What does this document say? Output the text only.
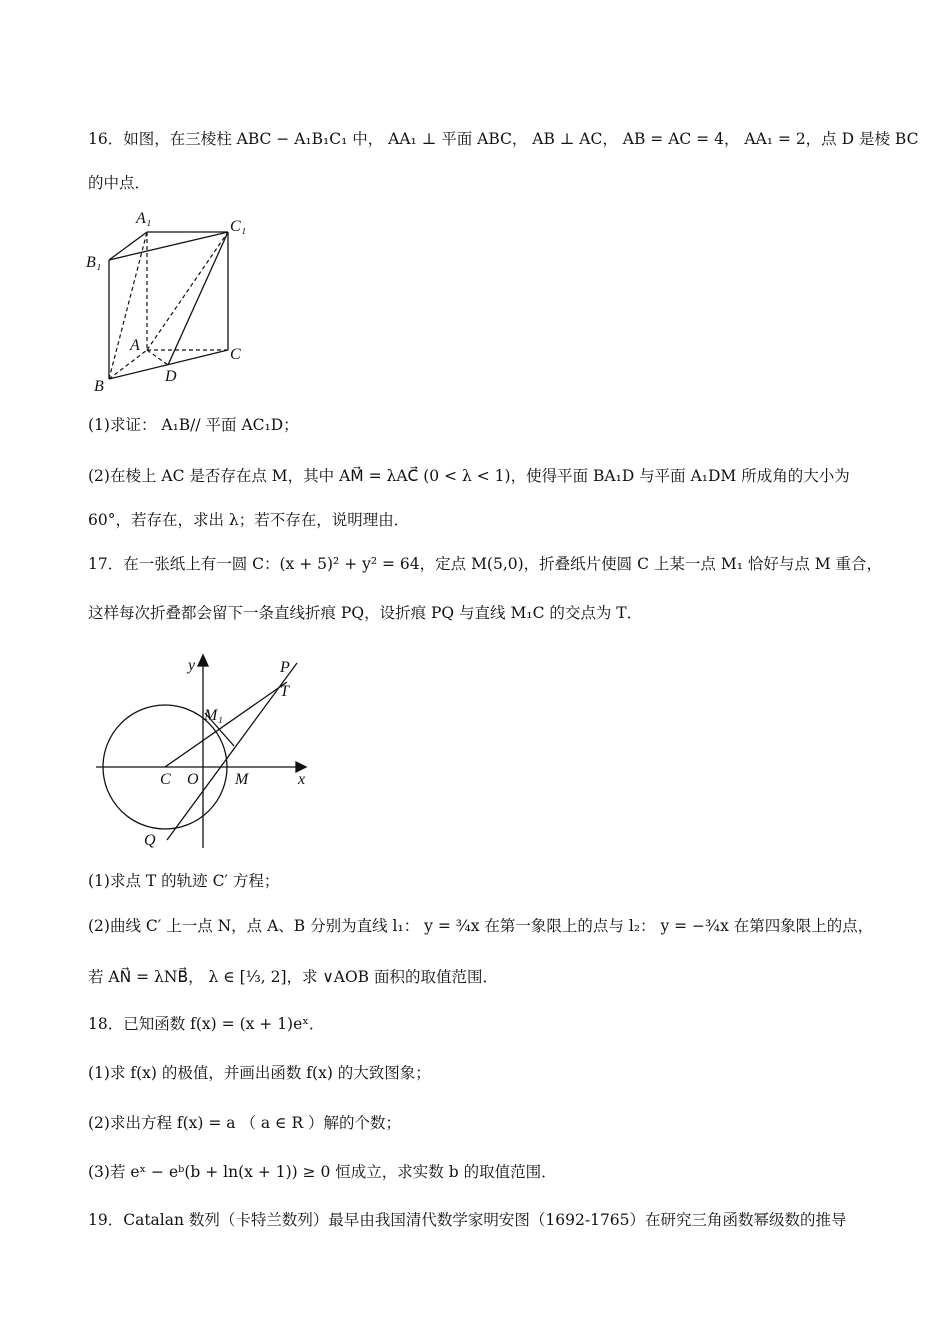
16．如图，在三棱柱 ABC − A₁B₁C₁ 中， AA₁ ⊥ 平面 ABC， AB ⊥ AC， AB = AC = 4， AA₁ = 2，点 D 是棱 BC
的中点．
A₁	C₁
B₁
A
C
D
B
(1)求证： A₁B// 平面 AC₁D；
(2)在棱上 AC 是否存在点 M，其中 AM⃗ = λAC⃗ (0 < λ < 1)，使得平面 BA₁D 与平面 A₁DM 所成角的大小为
60°，若存在，求出 λ；若不存在，说明理由．
17．在一张纸上有一圆 C：(x + 5)² + y² = 64，定点 M(5,0)，折叠纸片使圆 C 上某一点 M₁ 恰好与点 M 重合，
这样每次折叠都会留下一条直线折痕 PQ，设折痕 PQ 与直线 M₁C 的交点为 T．
y	P
T
M₁
C O M	x
Q
(1)求点 T 的轨迹 C′ 方程；
(2)曲线 C′ 上一点 N，点 A、B 分别为直线 l₁： y = ¾x 在第一象限上的点与 l₂： y = −¾x 在第四象限上的点，
若 AN⃗ = λNB⃗， λ ∈ [⅓, 2]，求 ∨AOB 面积的取值范围．
18．已知函数 f(x) = (x + 1)eˣ．
(1)求 f(x) 的极值，并画出函数 f(x) 的大致图象；
(2)求出方程 f(x) = a （ a ∈ R ）解的个数；
(3)若 eˣ − eᵇ(b + ln(x + 1)) ≥ 0 恒成立，求实数 b 的取值范围．
19．Catalan 数列（卡特兰数列）最早由我国清代数学家明安图（1692-1765）在研究三角函数幂级数的推导
